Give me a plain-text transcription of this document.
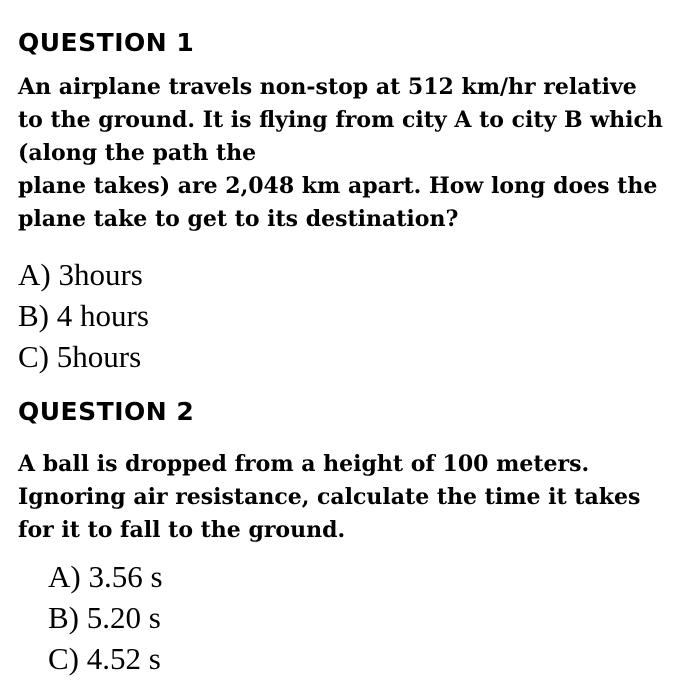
QUESTION 1

An airplane travels non-stop at 512 km/hr relative
to the ground. It is flying from city A to city B which
(along the path the
plane takes) are 2,048 km apart. How long does the
plane take to get to its destination?

A) 3hours
B) 4 hours
C) 5hours
QUESTION 2

A ball is dropped from a height of 100 meters.
Ignoring air resistance, calculate the time it takes
for it to fall to the ground.

A) 3.56 s
B) 5.20 s
C) 4.52 s
